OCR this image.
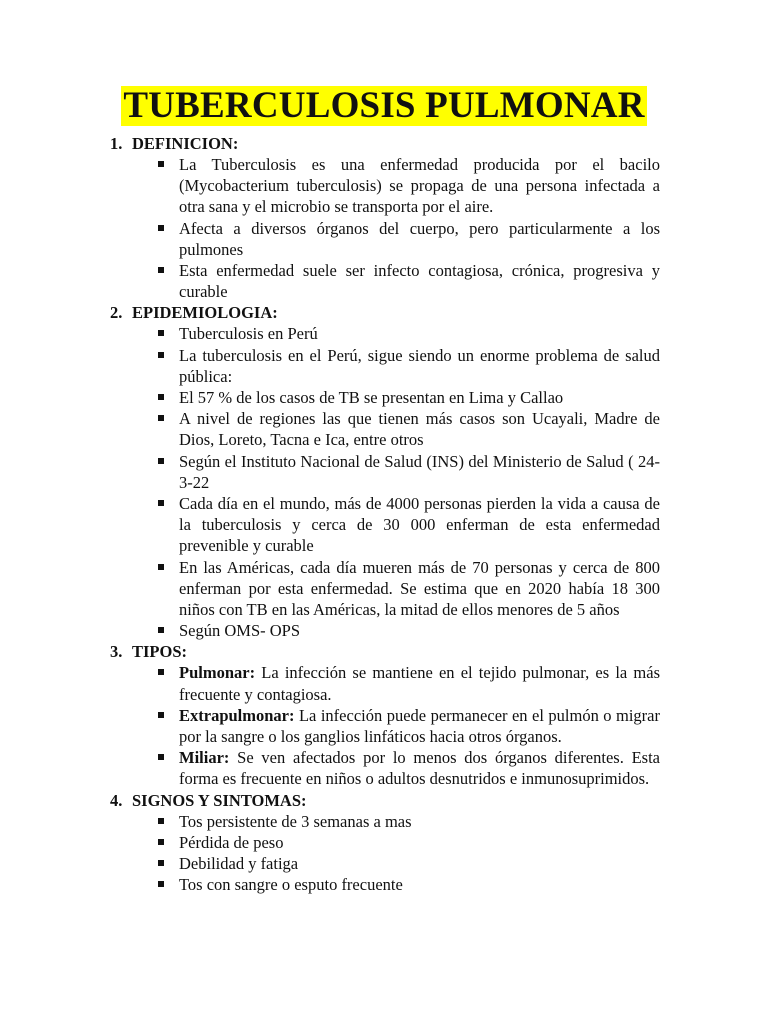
TUBERCULOSIS PULMONAR
1. DEFINICION:
La Tuberculosis es una enfermedad producida por el bacilo (Mycobacterium tuberculosis) se propaga de una persona infectada a otra sana y el microbio se transporta por el aire.
Afecta a diversos órganos del cuerpo, pero particularmente a los pulmones
Esta enfermedad suele ser infecto contagiosa, crónica, progresiva y curable
2. EPIDEMIOLOGIA:
Tuberculosis en Perú
La tuberculosis en el Perú, sigue siendo un enorme problema de salud pública:
El 57 % de los casos de TB se presentan en Lima y Callao
A nivel de regiones las que tienen más casos son Ucayali, Madre de Dios, Loreto, Tacna e Ica, entre otros
Según el Instituto Nacional de Salud (INS) del Ministerio de Salud ( 24-3-22
Cada día en el mundo, más de 4000 personas pierden la vida a causa de la tuberculosis y cerca de 30 000 enferman de esta enfermedad prevenible y curable
En las Américas, cada día mueren más de 70 personas y cerca de 800 enferman por esta enfermedad. Se estima que en 2020 había 18 300 niños con TB en las Américas, la mitad de ellos menores de 5 años
Según OMS- OPS
3. TIPOS:
Pulmonar: La infección se mantiene en el tejido pulmonar, es la más frecuente y contagiosa.
Extrapulmonar: La infección puede permanecer en el pulmón o migrar por la sangre o los ganglios linfáticos hacia otros órganos.
Miliar: Se ven afectados por lo menos dos órganos diferentes. Esta forma es frecuente en niños o adultos desnutridos e inmunosuprimidos.
4. SIGNOS Y SINTOMAS:
Tos persistente de 3 semanas a mas
Pérdida de peso
Debilidad y fatiga
Tos con sangre o esputo frecuente
